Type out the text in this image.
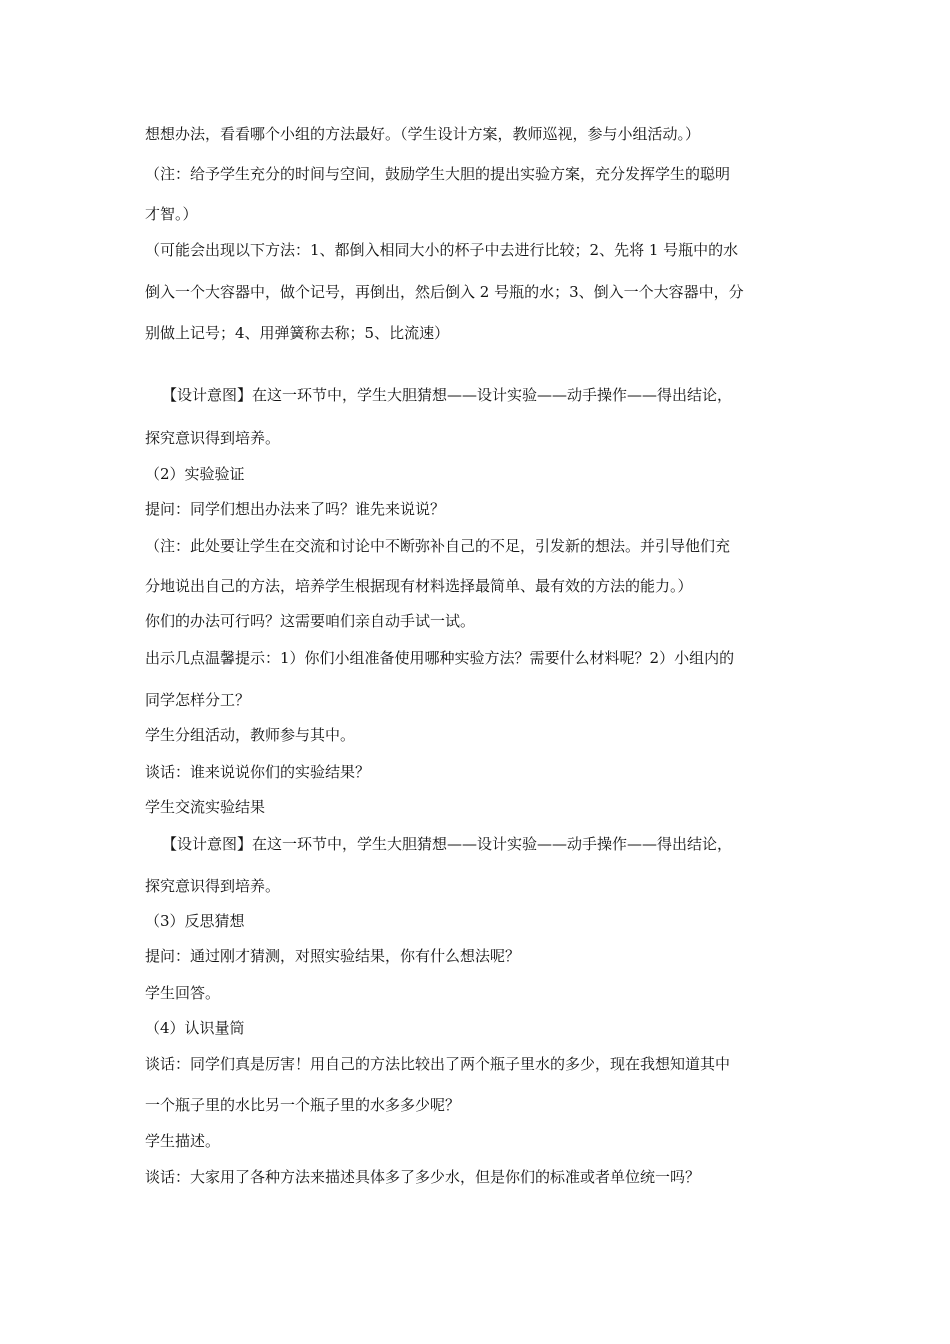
想想办法，看看哪个小组的方法最好。（学生设计方案，教师巡视，参与小组活动。）

（注：给予学生充分的时间与空间，鼓励学生大胆的提出实验方案，充分发挥学生的聪明

才智。）

（可能会出现以下方法：1、都倒入相同大小的杯子中去进行比较；2、先将 1 号瓶中的水

倒入一个大容器中，做个记号，再倒出，然后倒入 2 号瓶的水；3、倒入一个大容器中，分

别做上记号；4、用弹簧称去称；5、比流速）

【设计意图】在这一环节中，学生大胆猜想——设计实验——动手操作——得出结论，

探究意识得到培养。

（2）实验验证

提问：同学们想出办法来了吗？谁先来说说？

（注：此处要让学生在交流和讨论中不断弥补自己的不足，引发新的想法。并引导他们充

分地说出自己的方法，培养学生根据现有材料选择最简单、最有效的方法的能力。）

你们的办法可行吗？这需要咱们亲自动手试一试。

出示几点温馨提示：1）你们小组准备使用哪种实验方法？需要什么材料呢？2）小组内的

同学怎样分工？

学生分组活动，教师参与其中。

谈话：谁来说说你们的实验结果？

学生交流实验结果

【设计意图】在这一环节中，学生大胆猜想——设计实验——动手操作——得出结论，

探究意识得到培养。

（3）反思猜想

提问：通过刚才猜测，对照实验结果，你有什么想法呢？

学生回答。

（4）认识量筒

谈话：同学们真是厉害！用自己的方法比较出了两个瓶子里水的多少，现在我想知道其中

一个瓶子里的水比另一个瓶子里的水多多少呢？

学生描述。

谈话：大家用了各种方法来描述具体多了多少水，但是你们的标准或者单位统一吗？
